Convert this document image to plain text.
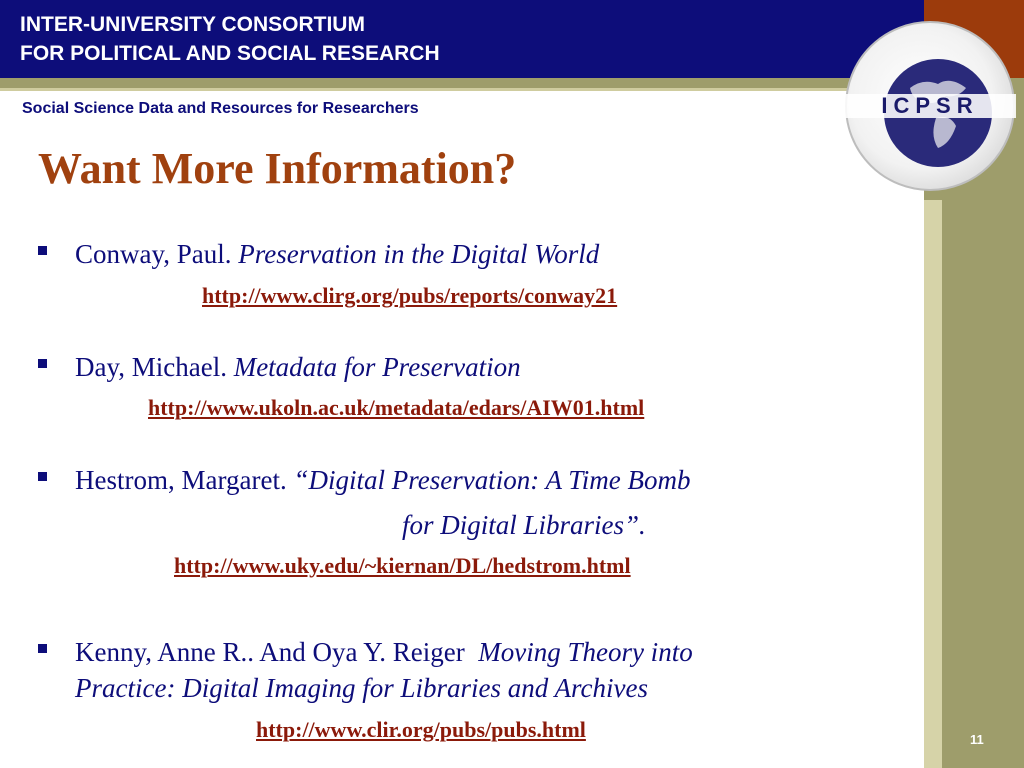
INTER-UNIVERSITY CONSORTIUM
FOR POLITICAL AND SOCIAL RESEARCH
ICPSR
Social Science Data and Resources for Researchers
Want More Information?
Conway, Paul. Preservation in the Digital World
http://www.clirg.org/pubs/reports/conway21
Day, Michael. Metadata for Preservation
http://www.ukoln.ac.uk/metadata/edars/AIW01.html
Hestrom, Margaret. “Digital Preservation: A Time Bomb
for Digital Libraries”.
http://www.uky.edu/~kiernan/DL/hedstrom.html
Kenny, Anne R.. And Oya Y. Reiger Moving Theory into
Practice: Digital Imaging for Libraries and Archives
http://www.clir.org/pubs/pubs.html	11
